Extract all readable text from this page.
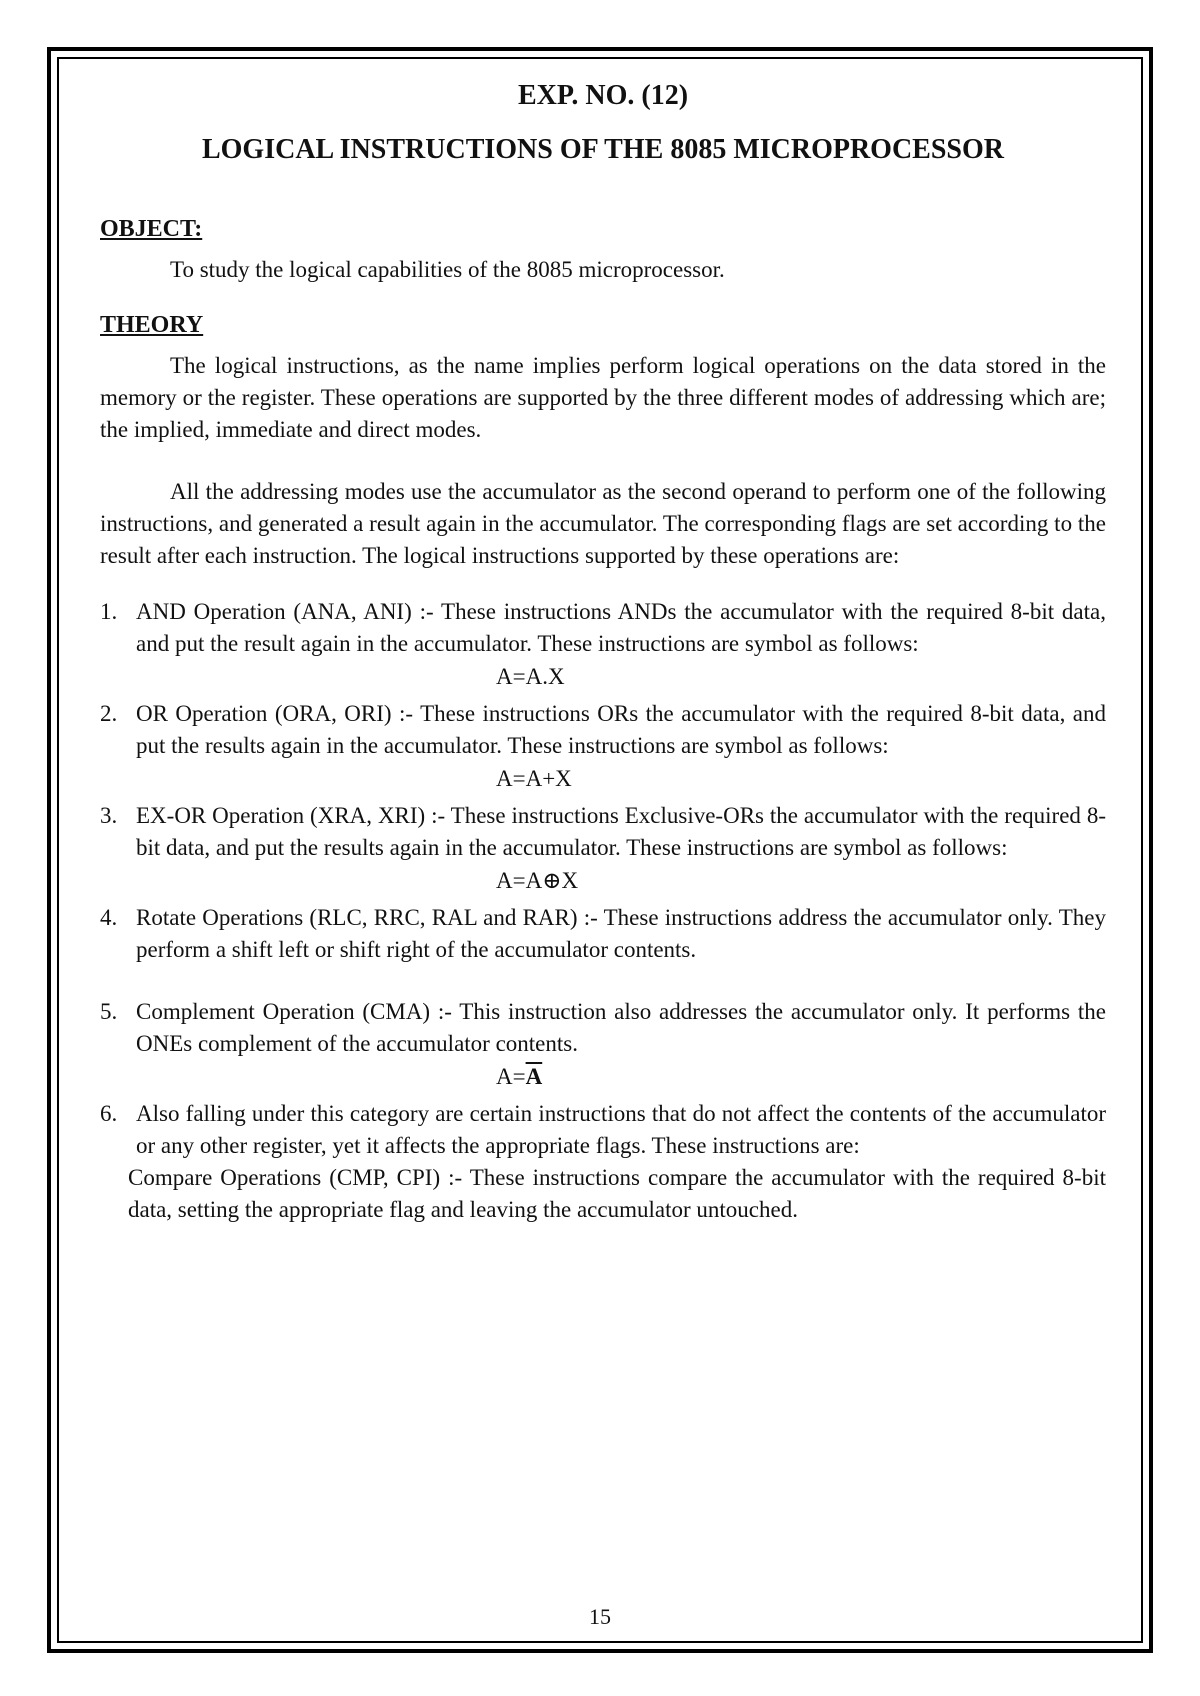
EXP. NO. (12)

LOGICAL INSTRUCTIONS OF THE 8085 MICROPROCESSOR

OBJECT:

To study the logical capabilities of the 8085 microprocessor.

THEORY

The logical instructions, as the name implies perform logical operations on the data stored in the memory or the register. These operations are supported by the three different modes of addressing which are; the implied, immediate and direct modes.

All the addressing modes use the accumulator as the second operand to perform one of the following instructions, and generated a result again in the accumulator. The corresponding flags are set according to the result after each instruction. The logical instructions supported by these operations are:

1. AND Operation (ANA, ANI) :- These instructions ANDs the accumulator with the required 8-bit data, and put the result again in the accumulator. These instructions are symbol as follows:

A=A.X

2. OR Operation (ORA, ORI) :- These instructions ORs the accumulator with the required 8-bit data, and put the results again in the accumulator. These instructions are symbol as follows:

A=A+X

3. EX-OR Operation (XRA, XRI) :- These instructions Exclusive-ORs the accumulator with the required 8-bit data, and put the results again in the accumulator. These instructions are symbol as follows:

A=A⊕X

4. Rotate Operations (RLC, RRC, RAL and RAR) :- These instructions address the accumulator only. They perform a shift left or shift right of the accumulator contents.
5. Complement Operation (CMA) :- This instruction also addresses the accumulator only. It performs the ONEs complement of the accumulator contents.

$A=\overline{A}$

6. Also falling under this category are certain instructions that do not affect the contents of the accumulator or any other register, yet it affects the appropriate flags. These instructions are:

Compare Operations (CMP, CPI) :- These instructions compare the accumulator with the required 8-bit data, setting the appropriate flag and leaving the accumulator untouched.

15
